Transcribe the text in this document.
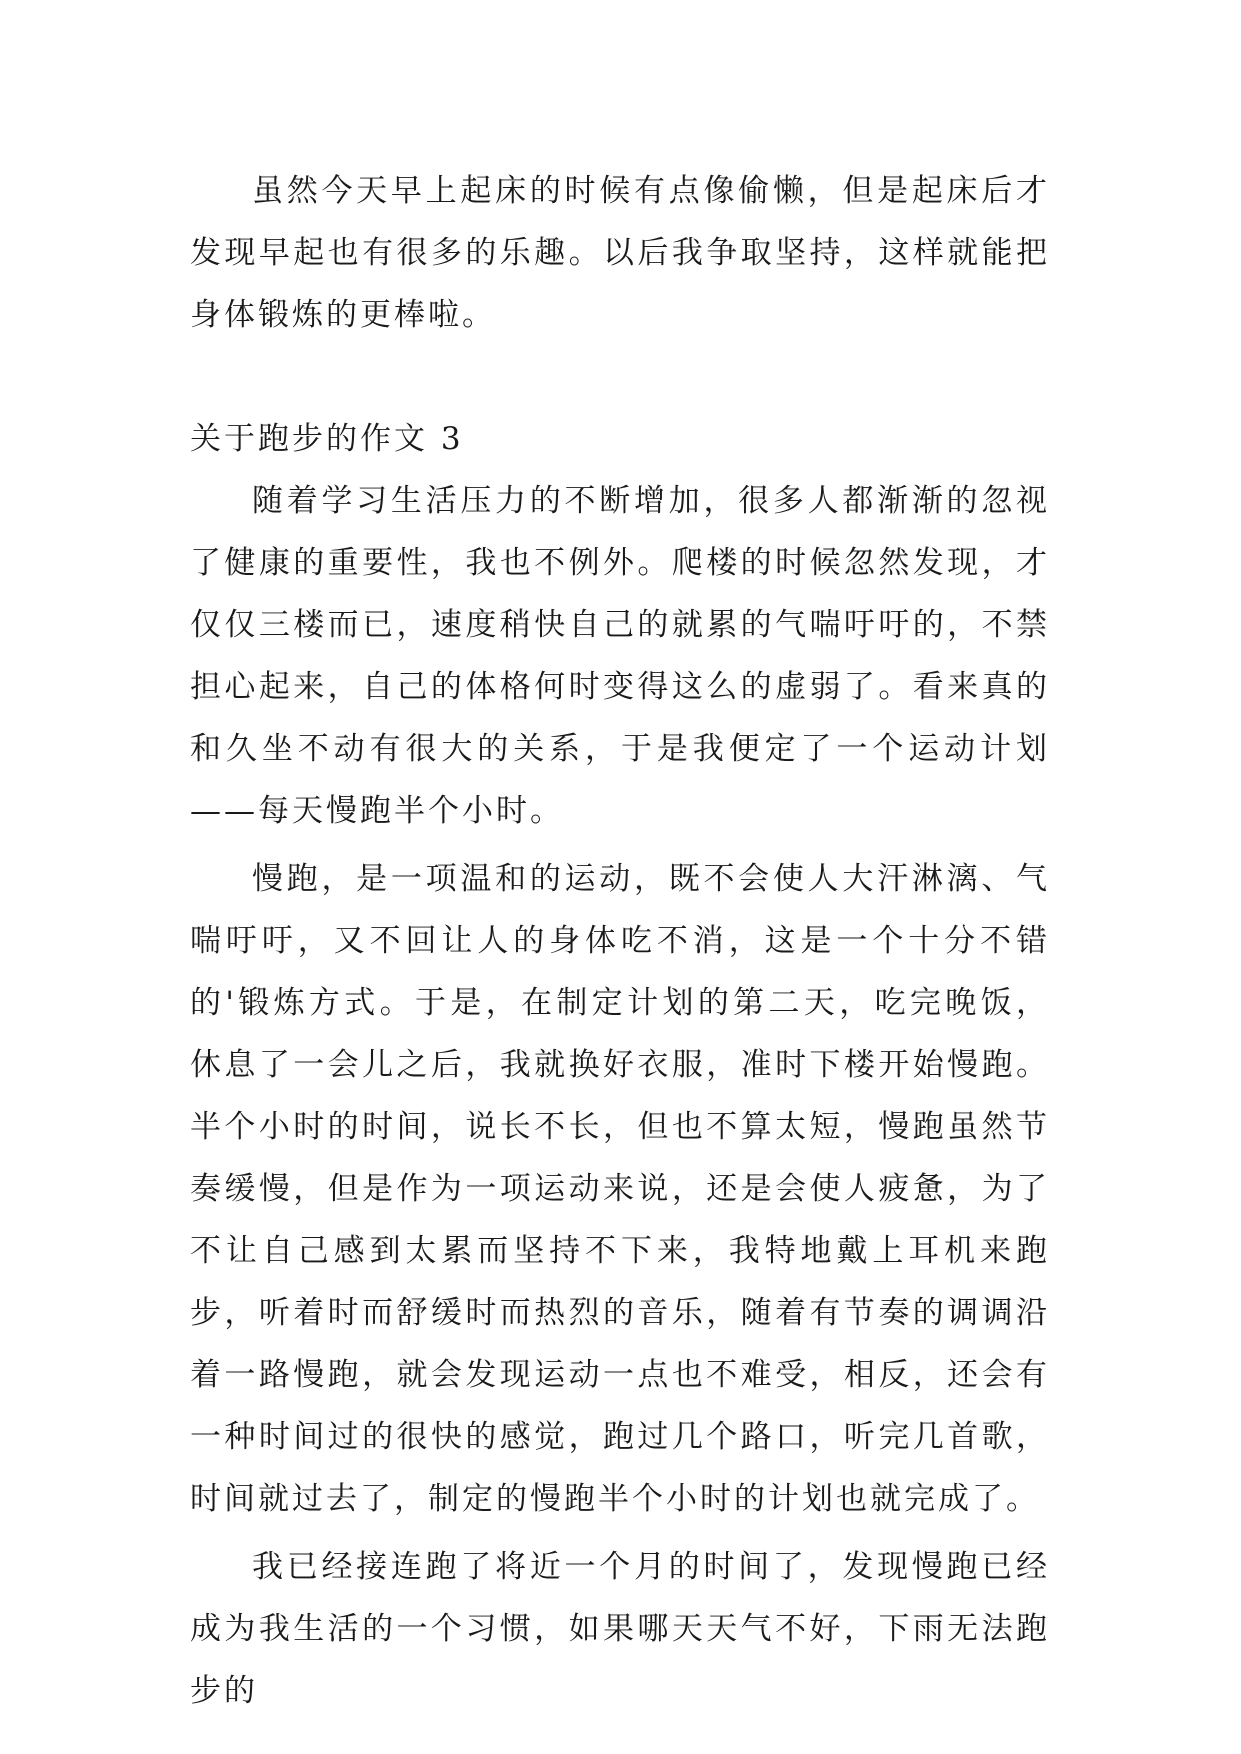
虽然今天早上起床的时候有点像偷懒，但是起床后才发现早起也有很多的乐趣。以后我争取坚持，这样就能把身体锻炼的更棒啦。

关于跑步的作文 3

随着学习生活压力的不断增加，很多人都渐渐的忽视了健康的重要性，我也不例外。爬楼的时候忽然发现，才仅仅三楼而已，速度稍快自己的就累的气喘吁吁的，不禁担心起来，自己的体格何时变得这么的虚弱了。看来真的和久坐不动有很大的关系，于是我便定了一个运动计划——每天慢跑半个小时。

慢跑，是一项温和的运动，既不会使人大汗淋漓、气喘吁吁，又不回让人的身体吃不消，这是一个十分不错的'锻炼方式。于是，在制定计划的第二天，吃完晚饭，休息了一会儿之后，我就换好衣服，准时下楼开始慢跑。半个小时的时间，说长不长，但也不算太短，慢跑虽然节奏缓慢，但是作为一项运动来说，还是会使人疲惫，为了不让自己感到太累而坚持不下来，我特地戴上耳机来跑步，听着时而舒缓时而热烈的音乐，随着有节奏的调调沿着一路慢跑，就会发现运动一点也不难受，相反，还会有一种时间过的很快的感觉，跑过几个路口，听完几首歌，时间就过去了，制定的慢跑半个小时的计划也就完成了。

我已经接连跑了将近一个月的时间了，发现慢跑已经成为我生活的一个习惯，如果哪天天气不好，下雨无法跑步的
